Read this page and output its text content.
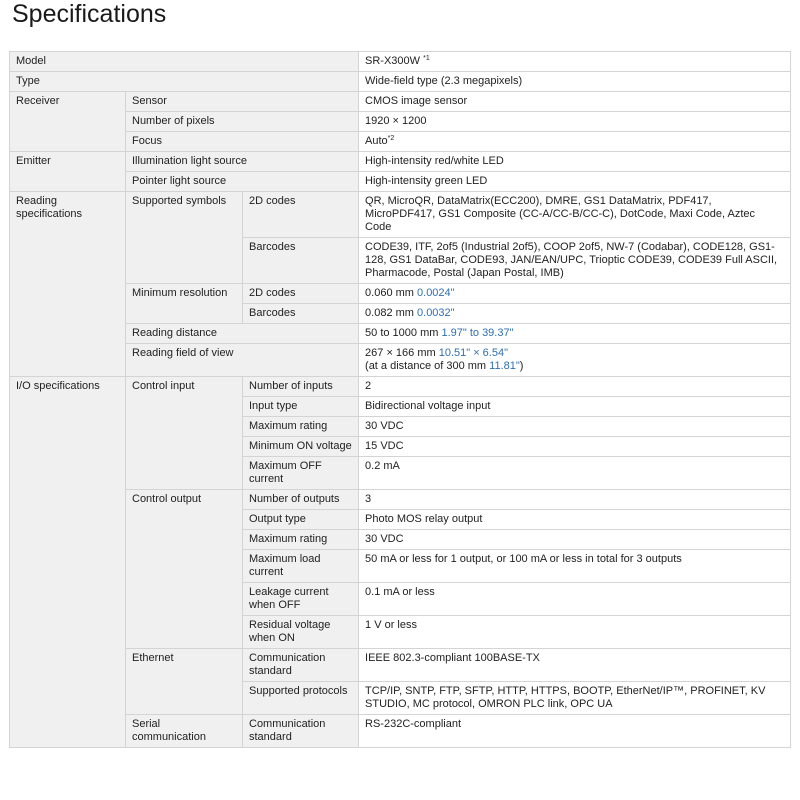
Specifications
Model			SR-X300W $^{*1}$
Type			Wide-field type (2.3 megapixels)
Receiver	Sensor		CMOS image sensor
	Number of pixels		1920 × 1200
	Focus		Auto$^{*2}$
Emitter	Illumination light source		High-intensity red/white LED
	Pointer light source		High-intensity green LED
Reading specifications	Supported symbols	2D codes	QR, MicroQR, DataMatrix(ECC200), DMRE, GS1 DataMatrix, PDF417, MicroPDF417, GS1 Composite (CC-A/CC-B/CC-C), DotCode, Maxi Code, Aztec Code
		Barcodes	CODE39, ITF, 2of5 (Industrial 2of5), COOP 2of5, NW-7 (Codabar), CODE128, GS1-128, GS1 DataBar, CODE93, JAN/EAN/UPC, Trioptic CODE39, CODE39 Full ASCII, Pharmacode, Postal (Japan Postal, IMB)
	Minimum resolution	2D codes	0.060 mm 0.0024"
		Barcodes	0.082 mm 0.0032"
	Reading distance		50 to 1000 mm 1.97" to 39.37"
	Reading field of view		267 × 166 mm 10.51" × 6.54"
(at a distance of 300 mm 11.81")
I/O specifications	Control input	Number of inputs	2
		Input type	Bidirectional voltage input
		Maximum rating	30 VDC
		Minimum ON voltage	15 VDC
		Maximum OFF current	0.2 mA
	Control output	Number of outputs	3
		Output type	Photo MOS relay output
		Maximum rating	30 VDC
		Maximum load current	50 mA or less for 1 output, or 100 mA or less in total for 3 outputs
		Leakage current when OFF	0.1 mA or less
		Residual voltage when ON	1 V or less
	Ethernet	Communication standard	IEEE 802.3-compliant 100BASE-TX
		Supported protocols	TCP/IP, SNTP, FTP, SFTP, HTTP, HTTPS, BOOTP, EtherNet/IP™, PROFINET, KV STUDIO, MC protocol, OMRON PLC link, OPC UA
	Serial communication	Communication standard	RS-232C-compliant
